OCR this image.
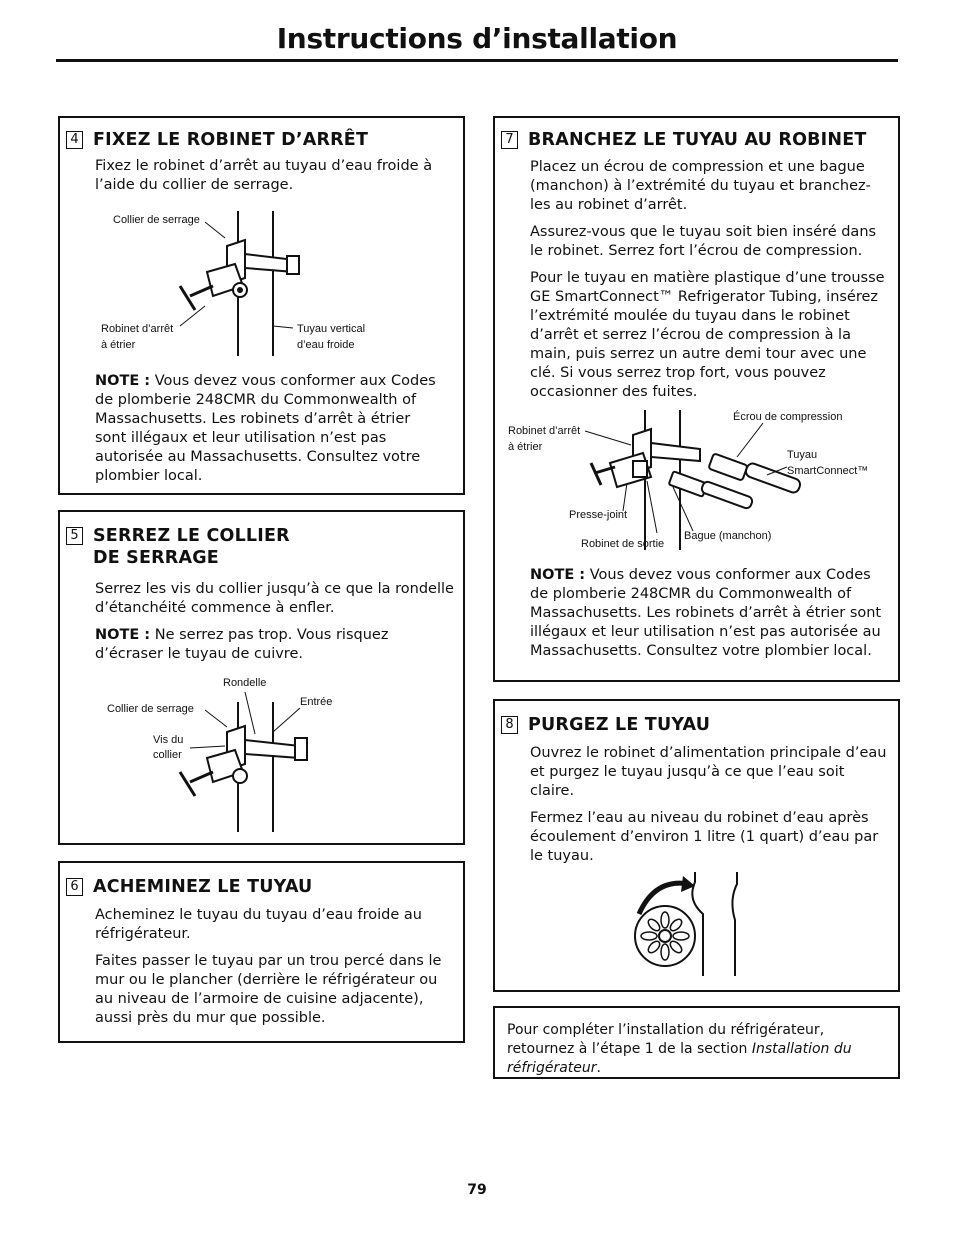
Instructions d’installation
4 FIXEZ LE ROBINET D’ARRÊT

Fixez le robinet d’arrêt au tuyau d’eau froide à l’aide du collier de serrage.

Collier de serrage
Robinet d’arrêt
à étrier
Tuyau vertical
d’eau froide

NOTE : Vous devez vous conformer aux Codes de plomberie 248CMR du Commonwealth of Massachusetts. Les robinets d’arrêt à étrier sont illégaux et leur utilisation n’est pas autorisée au Massachusetts. Consultez votre plombier local.

5 SERREZ LE COLLIER
DE SERRAGE

Serrez les vis du collier jusqu’à ce que la rondelle d’étanchéité commence à enfler.

NOTE : Ne serrez pas trop. Vous risquez d’écraser le tuyau de cuivre.

Rondelle
Entrée
Collier de serrage
Vis du
collier
6 ACHEMINEZ LE TUYAU

Acheminez le tuyau du tuyau d’eau froide au réfrigérateur.

Faites passer le tuyau par un trou percé dans le mur ou le plancher (derrière le réfrigérateur ou au niveau de l’armoire de cuisine adjacente), aussi près du mur que possible.

7 BRANCHEZ LE TUYAU AU ROBINET

Placez un écrou de compression et une bague (manchon) à l’extrémité du tuyau et branchez-les au robinet d’arrêt.

Assurez-vous que le tuyau soit bien inséré dans le robinet. Serrez fort l’écrou de compression.

Pour le tuyau en matière plastique d’une trousse GE SmartConnect™ Refrigerator Tubing, insérez l’extrémité moulée du tuyau dans le robinet d’arrêt et serrez l’écrou de compression à la main, puis serrez un autre demi tour avec une clé. Si vous serrez trop fort, vous pouvez occasionner des fuites.

Écrou de compression
Robinet d’arrêt
à étrier
Tuyau
SmartConnect™
Presse-joint
Bague (manchon)
Robinet de sortie

NOTE : Vous devez vous conformer aux Codes de plomberie 248CMR du Commonwealth of Massachusetts. Les robinets d’arrêt à étrier sont illégaux et leur utilisation n’est pas autorisée au Massachusetts. Consultez votre plombier local.

8 PURGEZ LE TUYAU

Ouvrez le robinet d’alimentation principale d’eau et purgez le tuyau jusqu’à ce que l’eau soit claire.

Fermez l’eau au niveau du robinet d’eau après écoulement d’environ 1 litre (1 quart) d’eau par le tuyau.

Pour compléter l’installation du réfrigérateur, retournez à l’étape 1 de la section Installation du réfrigérateur.
79
